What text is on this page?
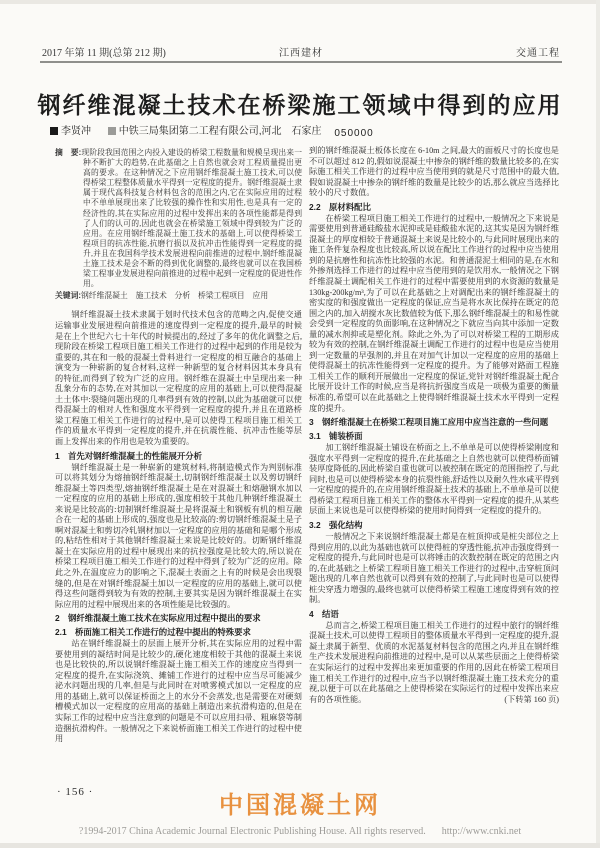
2017 年第 11 期(总第 212 期)	江西建材	交通工程
钢纤维混凝土技术在桥梁施工领域中得到的应用
李贤冲	中铁三局集团第二工程有限公司,河北　石家庄 050000
摘　要:现阶段我国范围之内投入建设的桥梁工程数量和规模呈现出来一种不断扩大的趋势,在此基础之上自然也就会对工程质量提出更高的要求。在这种情况之下应用钢纤维混凝土施工技术,可以使得桥梁工程整体质量水平得到一定程度的提升。钢纤维混凝土隶属于现代高科技复合材料包含的范围之内,它在实际应用的过程中不单单展现出来了比较强的操作性和实用性,也是具有一定的经济性的,其在实际应用的过程中发挥出来的各项性能都是得到了人们的认可的,因此也就会在桥梁施工领域中得到较为广泛的应用。在应用钢纤维混凝土施工技术的基础上,可以使得桥梁工程项目的抗冻性能,抗磨行损以及抗冲击性能得到一定程度的提升,并且在我国科学技术发展进程向前推进的过程中,钢纤维混凝土施工技术是会不断的得到优化调整的,最终也就可以在我国桥梁工程事业发展进程向前推进的过程中起到一定程度的促进性作用。
关键词:钢纤维混凝土　施工技术　分析　桥梁工程项目　应用

钢纤维混凝土技术隶属于划时代技术包含的范畴之内,促使交通运输事业发展进程向前推进的速度得到一定程度的提升,最早的时候是在上个世纪六七十年代的时候提出的,经过了多年的优化调整之后,现阶段在桥梁工程项目施工相关工作进行的过程中起到的作用是较为重要的,其在和一般的混凝土骨料进行一定程度的相互融合的基础上演变为一种崭新的复合材料,这样一种新型的复合材料因其本身具有的特征,而得到了较为广泛的应用。钢纤维在混凝土中呈现出来一种乱象分布的态势,在对其加以一定程度的应用的基础上,可以使得混凝土土体中:裂缝问题出现的几率得到有效的控制,以此为基础就可以使得混凝土的相对人性和强度水平得到一定程度的提升,并且在道路桥梁工程施工相关工作进行的过程中,是可以使得工程项目施工相关工作的质量水平得到一定程度的提升,并在抗震性能、抗冲击性能等层面上发挥出来的作用也是较为重要的。

1　首先对钢纤维混凝土的性能展开分析

钢纤维混凝土是一种崭新的建筑材料,将制造模式作为判别标准可以将其划分为熔抽钢纤维混凝土,切制钢纤维混凝土以及剪切钢纤维混凝土等四类型,熔抽钢纤维混凝土是在对混凝土和熔融钢水加以一定程度的应用的基础上形成的,强度相较于其他几种钢纤维混凝土来说是比较高的:切制钢纤维混凝土是将混凝土和钢板有机的相互融合在一起的基础上形成的,强度也是比较高的:剪切钢纤维混凝土是子啊对混凝土和剪切冷轧钢材加以一定程度的应用的基础和是哪个形成的,粘结性相对于其他钢纤维混凝土来说是比较好的。切断钢纤维混凝土在实际应用的过程中展现出来的抗拉强度是比较大的,所以说在桥梁工程项目施工相关工作进行的过程中得到了较为广泛的应用。除此之外,在温度应力的影响之下,混凝土表面之上有的时候是会出现裂缝的,但是在对钢纤维混凝土加以一定程度的应用的基础上,就可以使得这些问题得到较为有效的控制,主要其实是因为钢纤维混凝土在实际应用的过程中展现出来的各项性能是比较强的。

2　钢纤维混凝土施工技术在实际应用过程中提出的要求
2.1　桥面施工相关工作进行的过程中提出的特殊要求

站在钢纤维混凝土的层面上展开分析,其在实际应用的过程中需要使用到的凝结时间是比较少的,硬化速度相较于其他的混凝土来说也是比较快的,所以说钢纤维混凝土施工相关工作的速度应当得到一定程度的提升,在实际浇筑、摊铺工作进行的过程中应当尽可能减少泌水问题出现的几率,但是与此同时在对喷雾模式加以一定程度的应用的基础上,就可以保证桥面之上的水分不会蒸发,也是需要在对硬刻槽模式加以一定程度的应用高的基础上制造出来抗滑构造的,但是在实际工作的过程中应当注意到的问题是不可以应用扫帚、粗麻袋等制造捆抗滑构件。一般情况之下来说桥面施工相关工作进行的过程中使用

到的钢纤维混凝土板体长度在 6-10m 之间,最大的面板尺寸的长度也是不可以超过 812 的,假如说混凝土中掺杂的钢纤维的数量比较多的,在实际施工相关工作进行的过程中应当使用到的就是尺寸范围中的最大值,假如说混凝土中掺杂的钢纤维的数量是比较少的话,那么就应当选择比较小的尺寸数值。

2.2　原材料配比

在桥梁工程项目施工相关工作进行的过程中,一般情况之下来说是需要使用到普通硅酸盐水泥抑或是硅酸盐水泥的,这其实是因为钢纤维混凝土的厚度相较于普通混凝土来说是比较小的,与此同时展现出来的施工条件复杂程度也比较高,所以说在配比工作进行的过程中应当使用到的是抗磨性和抗冻性比较强的水泥。和普通混泥土相同的是,在水和外掺剂选择工作进行的过程中应当使用到的是饮用水,一般情况之下钢纤维混凝土调配相关工作进行的过程中需要使用到的水资源的数量是 130kg-200kg/m³,为了可以在此基础之上对调配出来的钢纤维混凝土的密实度的和强度做出一定程度的保证,应当是将水灰比保持在既定的范围之内的,加入胡搅水灰比数值较为低下,那么钢纤维混凝土的和易性就会受到一定程度的负面影响,在这种情况之下就应当向其中添加一定数量的减水剂抑或是塑化剂。除此之外,为了可以对桥梁工程的工期形成较为有效的控制,在钢纤维混凝土调配工作进行的过程中也是应当使用到一定数量的早强剂的,并且在对加气计加以一定程度的应用的基础上使得混凝土的抗冻性能得到一定程度的提升。为了能够对路面工程施工相关工作的顺利开展做出一定程度的保证,党针对钢纤维混凝土配合比展开设计工作的时候,应当是将抗折强度当成是一项极为重要的衡量标准的,希望可以在此基础之上使得钢纤维混凝土技术水平得到一定程度的提升。

3　钢纤维混凝土在桥梁工程项目施工应用中应当注意的一些问题
3.1　铺装桥面

加工钢纤维混凝土铺设在桥面之上,不单单是可以使得桥梁刚度和强度水平得到一定程度的提升,在此基础之上自然也就可以使得桥面铺装厚度降低的,因此桥梁自重也就可以被控制在既定的范围指控了,与此同时,也是可以使得桥梁本身的抗裂性能,舒适性以及耐久性水咸平得到一定程度的提升的,在应用钢纤维混凝土技术的基础上,不单单是可以使得桥梁工程项目施工相关工作的整体水平得到一定程度的提升,从某些层面上来说也是可以使得桥梁的使用时间得到一定程度的提升的。

3.2　强化结构

一般情况之下来说钢纤维混凝土都是在桩顶抑或是桩尖部位之上得到应用的,以此为基础也就可以使得桩的穿透性能,抗冲击强度得到一定程度的提升,与此同时也是可以将锤击的次数控制在既定的范围之内的,在此基础之上桥梁工程项目施工相关工作进行的过程中,击穿桩顶问题出现的几率自然也就可以得到有效的控制了,与此同时也是可以使得桩尖穿透力增强的,最终也就可以使得桥梁工程施工速度得到有效的控制。

4　结语

总而言之,桥梁工程项目施工相关工作进行的过程中旅行的钢纤维混凝土技术,可以使得工程项目的整体质量水平得到一定程度的提升,混凝土隶属于新型、优质的水泥基复材料包含的范围之内,并且在钢纤维生产技术发展进程向前推进的过程中,是可以从某些层面之上使得桥梁在实际运行的过程中发挥出来更加重要的作用的,因此在桥梁工程项目施工相关工作进行的过程中,应当予以钢纤维混凝土施工技术充分的重视,以便于可以在此基础之上使得桥梁在实际运行的过程中发挥出来应有的各项性能。	(下转第 160 页)

· 156 ·	中国混凝土网
?1994-2017 China Academic Journal Electronic Publishing House. All rights reserved. http://www.cnki.net
